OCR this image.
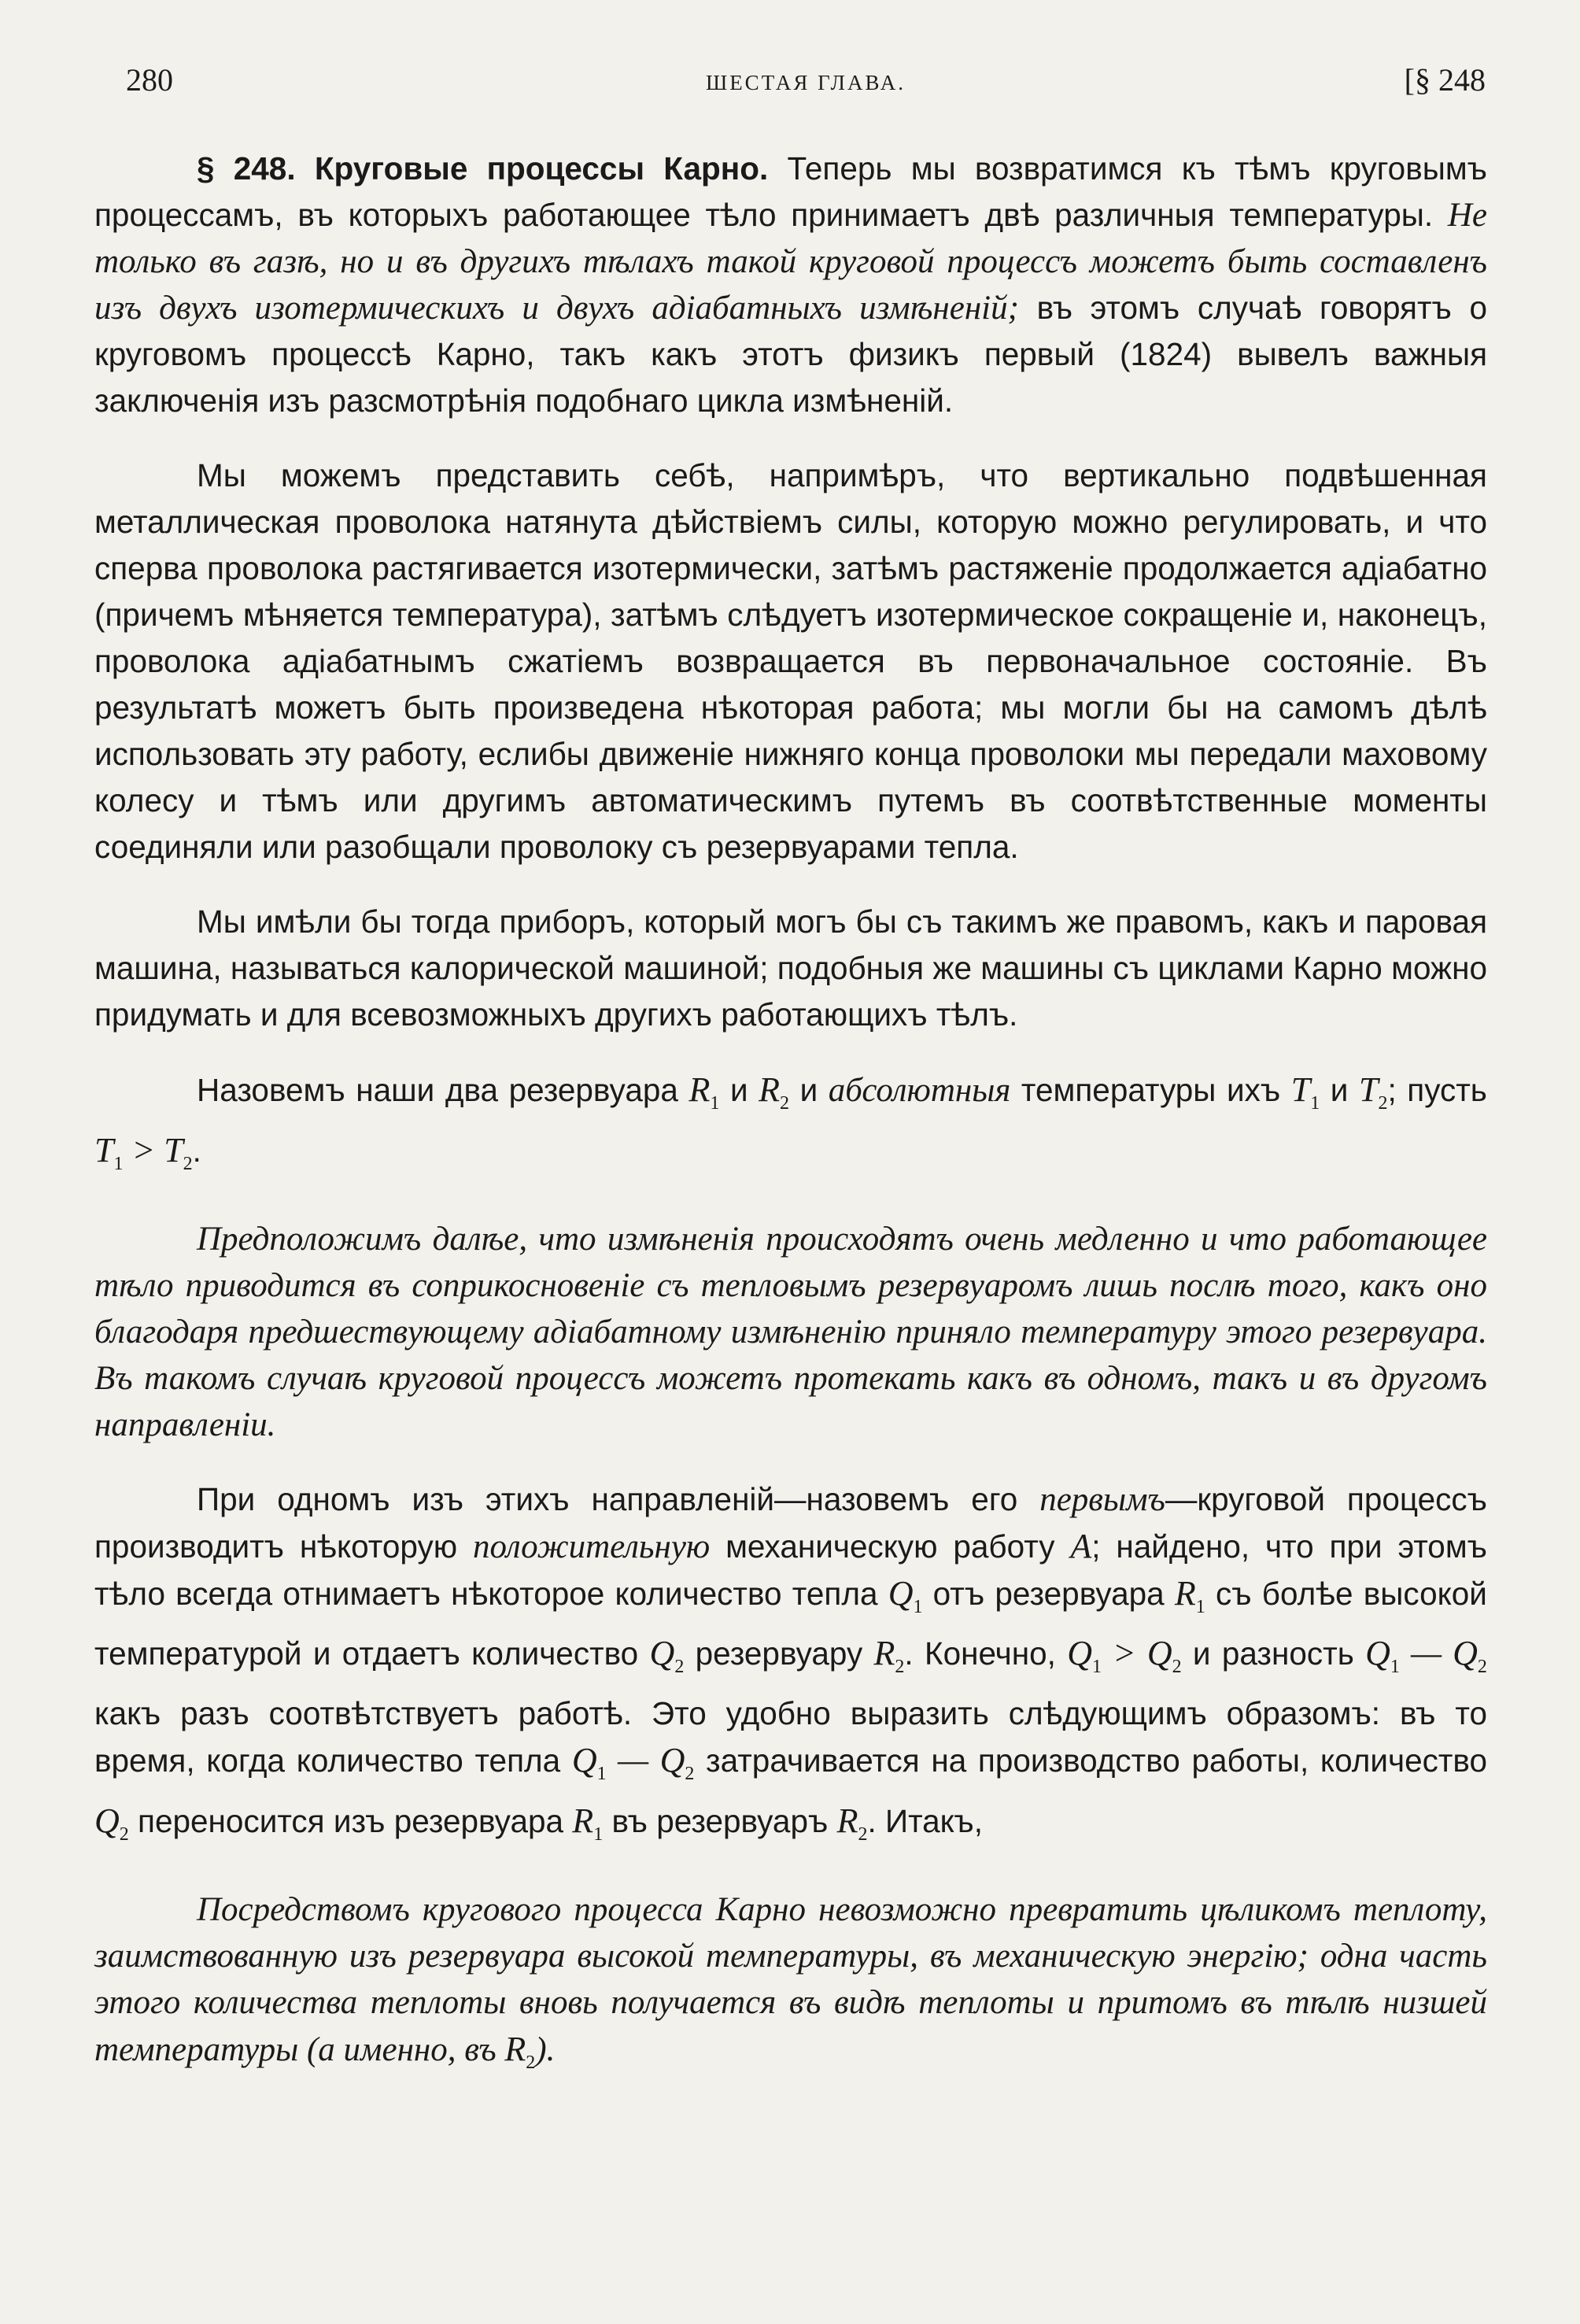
280	ШЕСТАЯ ГЛАВА.	[§ 248

§ 248. Круговые процессы Карно. Теперь мы возвратимся къ тѣмъ круговымъ процессамъ, въ которыхъ работающее тѣло принимаетъ двѣ различныя температуры. Не только въ газѣ, но и въ другихъ тѣлахъ такой круговой процессъ можетъ быть составленъ изъ двухъ изотермическихъ и двухъ адiабатныхъ измѣненiй; въ этомъ случаѣ говорятъ о круговомъ процессѣ Карно, такъ какъ этотъ физикъ первый (1824) вывелъ важныя заключенiя изъ разсмотрѣнiя подобнаго цикла измѣненiй.

Мы можемъ представить себѣ, напримѣръ, что вертикально подвѣшенная металлическая проволока натянута дѣйствiемъ силы, которую можно регулировать, и что сперва проволока растягивается изотермически, затѣмъ растяженiе продолжается адiабатно (причемъ мѣняется температура), затѣмъ слѣдуетъ изотермическое сокращенiе и, наконецъ, проволока адiабатнымъ сжатiемъ возвращается въ первоначальное состоянiе. Въ результатѣ можетъ быть произведена нѣкоторая работа; мы могли бы на самомъ дѣлѣ использовать эту работу, еслибы движенiе нижняго конца проволоки мы передали маховому колесу и тѣмъ или другимъ автоматическимъ путемъ въ соотвѣтственные моменты соединяли или разобщали проволоку съ резервуарами тепла.

Мы имѣли бы тогда приборъ, который могъ бы съ такимъ же правомъ, какъ и паровая машина, называться калорической машиной; подобныя же машины съ циклами Карно можно придумать и для всевозможныхъ другихъ работающихъ тѣлъ.

Назовемъ наши два резервуара $R_1$ и $R_2$ и абсолютныя температуры ихъ $T_1$ и $T_2$; пусть $T_1 > T_2$.

Предположимъ далѣе, что измѣненiя происходятъ очень медленно и что работающее тѣло приводится въ соприкосновенiе съ тепловымъ резервуаромъ лишь послѣ того, какъ оно благодаря предшествующему адiабатному измѣненiю приняло температуру этого резервуара. Въ такомъ случаѣ круговой процессъ можетъ протекать какъ въ одномъ, такъ и въ другомъ направленiи.

При одномъ изъ этихъ направленiй—назовемъ его первымъ—круговой процессъ производитъ нѣкоторую положительную механическую работу A; найдено, что при этомъ тѣло всегда отнимаетъ нѣкоторое количество тепла $Q_1$ отъ резервуара $R_1$ съ болѣе высокой температурой и отдаетъ количество $Q_2$ резервуару $R_2$. Конечно, $Q_1 > Q_2$ и разность $Q_1$ — $Q_2$ какъ разъ соотвѣтствуетъ работѣ. Это удобно выразить слѣдующимъ образомъ: въ то время, когда количество тепла $Q_1$ — $Q_2$ затрачивается на производство работы, количество $Q_2$ переносится изъ резервуара $R_1$ въ резервуаръ $R_2$. Итакъ,

Посредствомъ кругового процесса Карно невозможно превратить цѣликомъ теплоту, заимствованную изъ резервуара высокой температуры, въ механическую энергiю; одна часть этого количества теплоты вновь получается въ видѣ теплоты и притомъ въ тѣлѣ низшей температуры (а именно, въ $R_2$).
